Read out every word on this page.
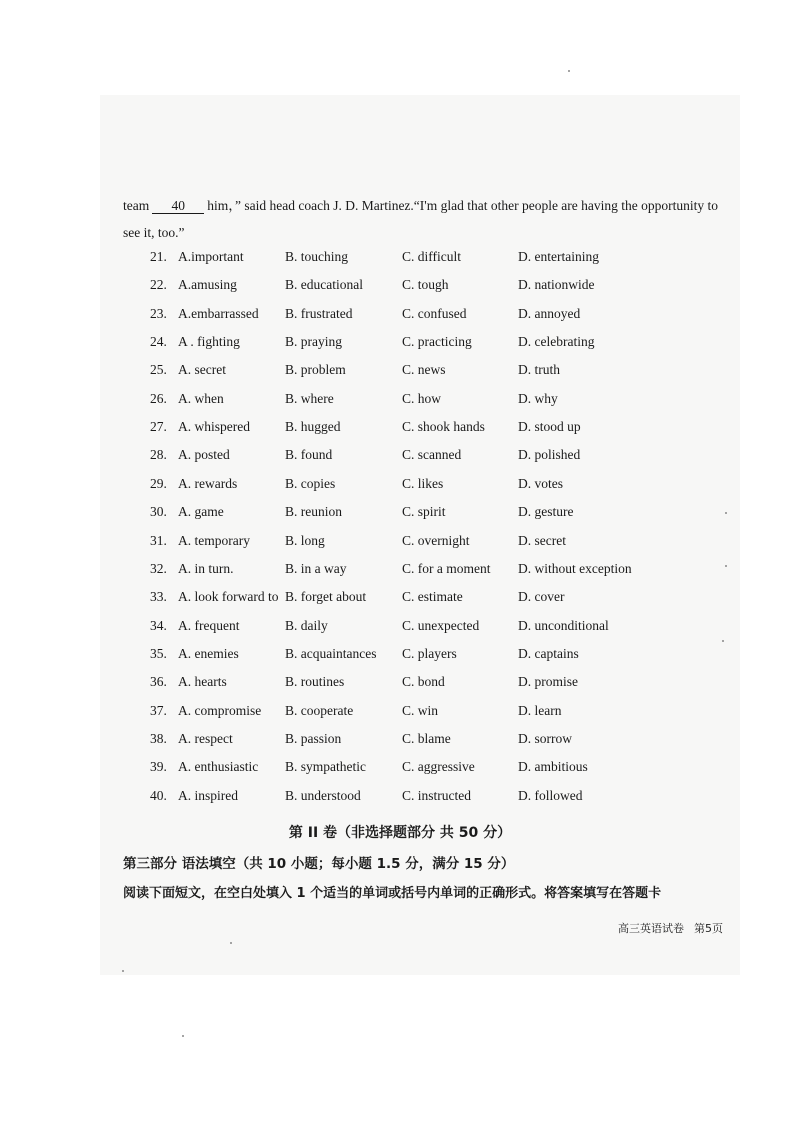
team 40 him，” said head coach J. D. Martinez.“I'm glad that other people are having the opportunity to see it, too.”
21. A.important	B. touching	C. difficult	D. entertaining
22. A.amusing	B. educational	C. tough	D. nationwide
23. A.embarrassed B. frustrated	C. confused	D. annoyed
24. A . fighting	B. praying	C. practicing	D. celebrating
25. A. secret	B. problem	C. news	D. truth
26. A. when	B. where	C. how	D. why
27. A. whispered	B. hugged	C. shook hands D. stood up
28. A. posted	B. found	C. scanned	D. polished
29. A. rewards	B. copies	C. likes	D. votes
30. A. game	B. reunion	C. spirit	D. gesture
31. A. temporary	B. long	C. overnight	D. secret
32. A. in turn.	B. in a way	C. for a moment D. without exception
33. A. look forward to B. forget about	C. estimate	D. cover
34. A. frequent	B. daily	C. unexpected	D. unconditional
35. A. enemies	B. acquaintances C. players	D. captains
36. A. hearts	B. routines	C. bond	D. promise
37. A. compromise B. cooperate	C. win	D. learn
38. A. respect	B. passion	C. blame	D. sorrow
39. A. enthusiastic B. sympathetic	C. aggressive	D. ambitious
40. A. inspired	B. understood	C. instructed	D. followed
第 II 卷（非选择题部分 共 50 分）
第三部分 语法填空（共 10 小题；每小题 1.5 分，满分 15 分）
阅读下面短文，在空白处填入 1 个适当的单词或括号内单词的正确形式。将答案填写在答题卡
高三英语试卷 第5页
